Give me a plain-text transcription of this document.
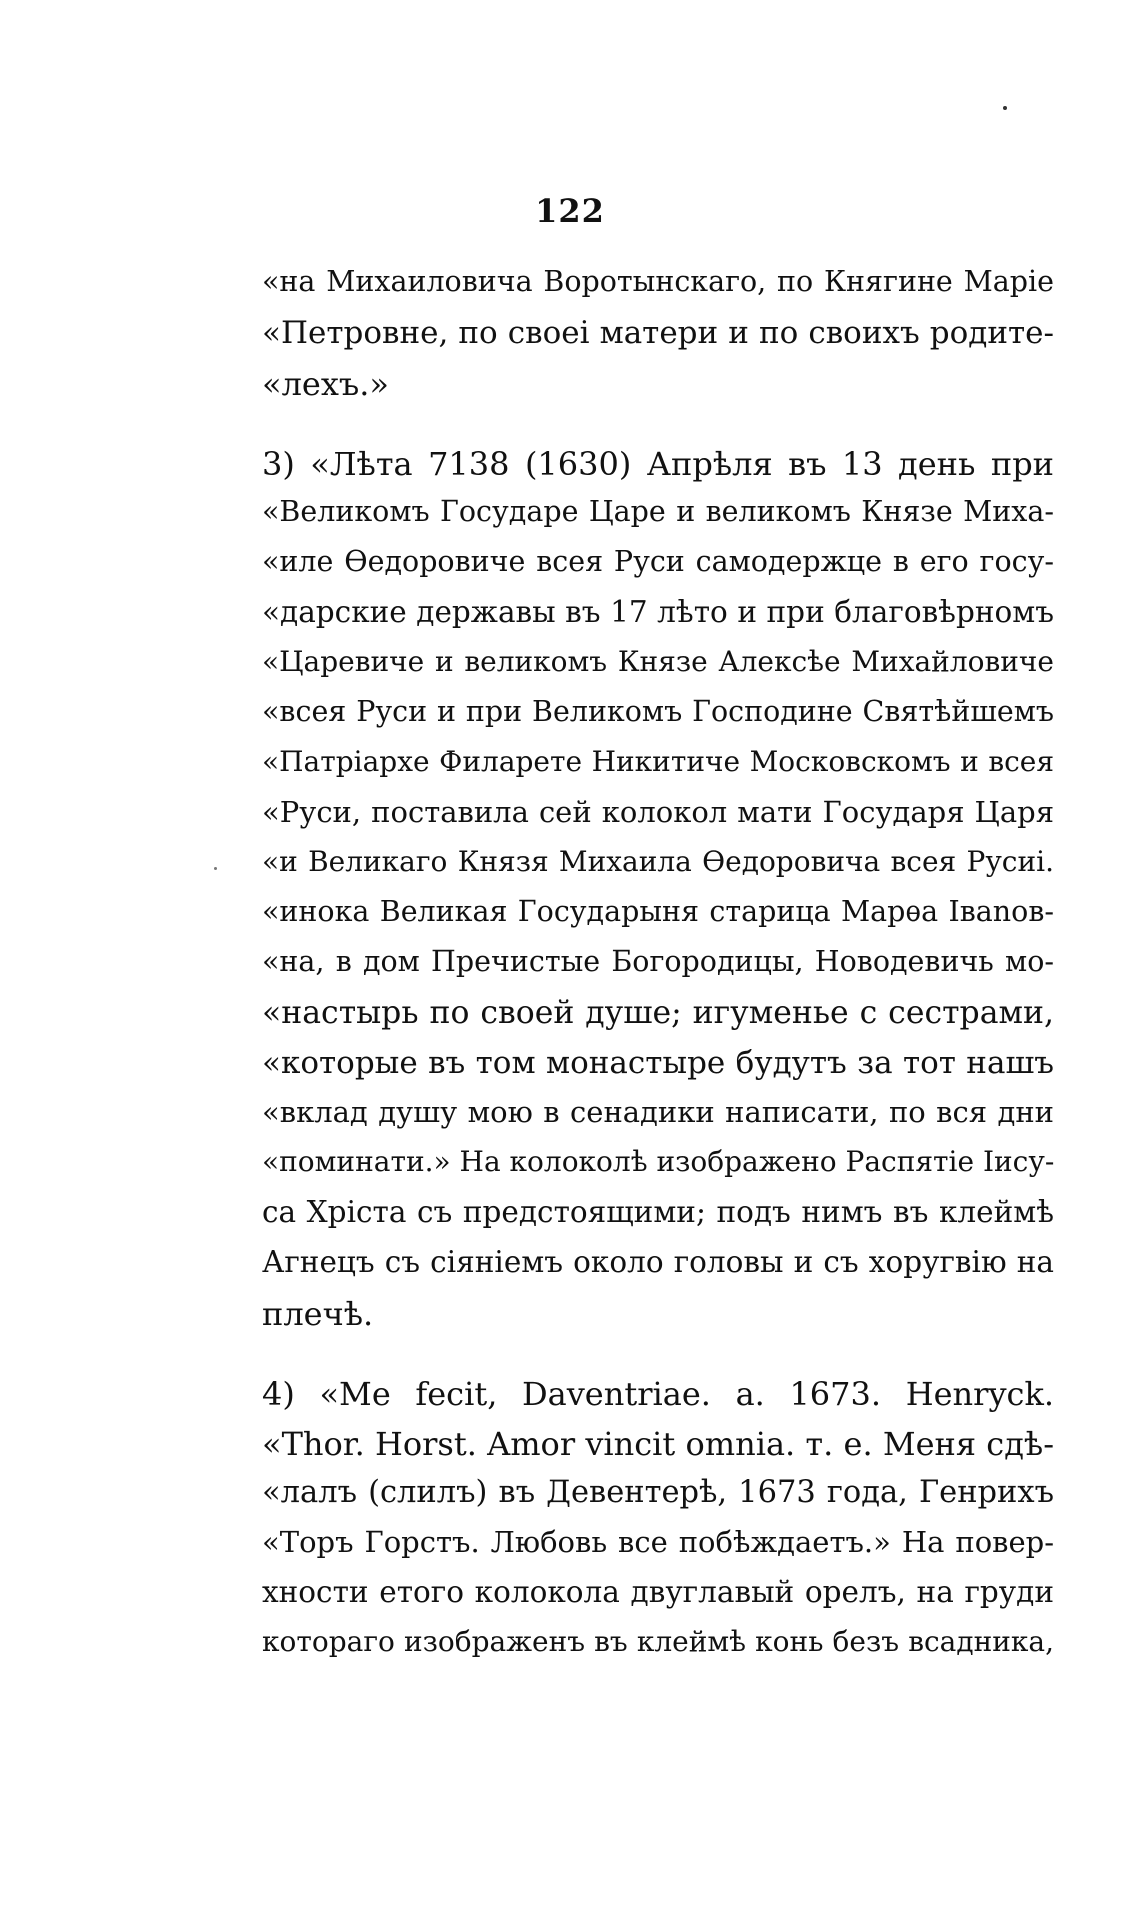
122
«на Михаиловича Воротынскаго, по Княгине Маріе
«Петровне, по своеі матери и по своихъ родите-
«лехъ.»
3) «Лѣта 7138 (1630) Апрѣля въ 13 день при
«Великомъ Государе Царе и великомъ Князе Миха-
«иле Ѳедоровиче всея Руси самодержце в его госу-
«дарские державы въ 17 лѣто и при благовѣрномъ
«Царевиче и великомъ Князе Алексѣе Михайловиче
«всея Руси и при Великомъ Господине Святѣйшемъ
«Патріархе Филарете Никитиче Московскомъ и всея
«Руси, поставила сей колокол мати Государя Царя
«и Великаго Князя Михаила Ѳедоровича всея Русиі.
«инока Великая Государыня старица Марѳа Івanов-
«на, в дом Пречистые Богородицы, Новодевичь мо-
«настырь по своей душе; игуменье с сестрами,
«которые въ том монастыре будутъ за тот нашъ
«вклад душу мою в сенадики написати, по вся дни
«поминати.» На колоколѣ изображено Распятіе Іису-
са Хріста съ предстоящими; подъ нимъ въ клеймѣ
Агнецъ съ сіяніемъ около головы и съ хоругвію на
плечѣ.
4) «Me fecit, Daventriae. a. 1673. Henryck.
«Thor. Horst. Amor vincit omnia. т. е. Меня сдѣ-
«лалъ (слилъ) въ Девентерѣ, 1673 года, Генрихъ
«Торъ Горстъ. Любовь все побѣждаетъ.» На повер-
хности етого колокола двуглавый орелъ, на груди
котораго изображенъ въ клеймѣ конь безъ всадника,
